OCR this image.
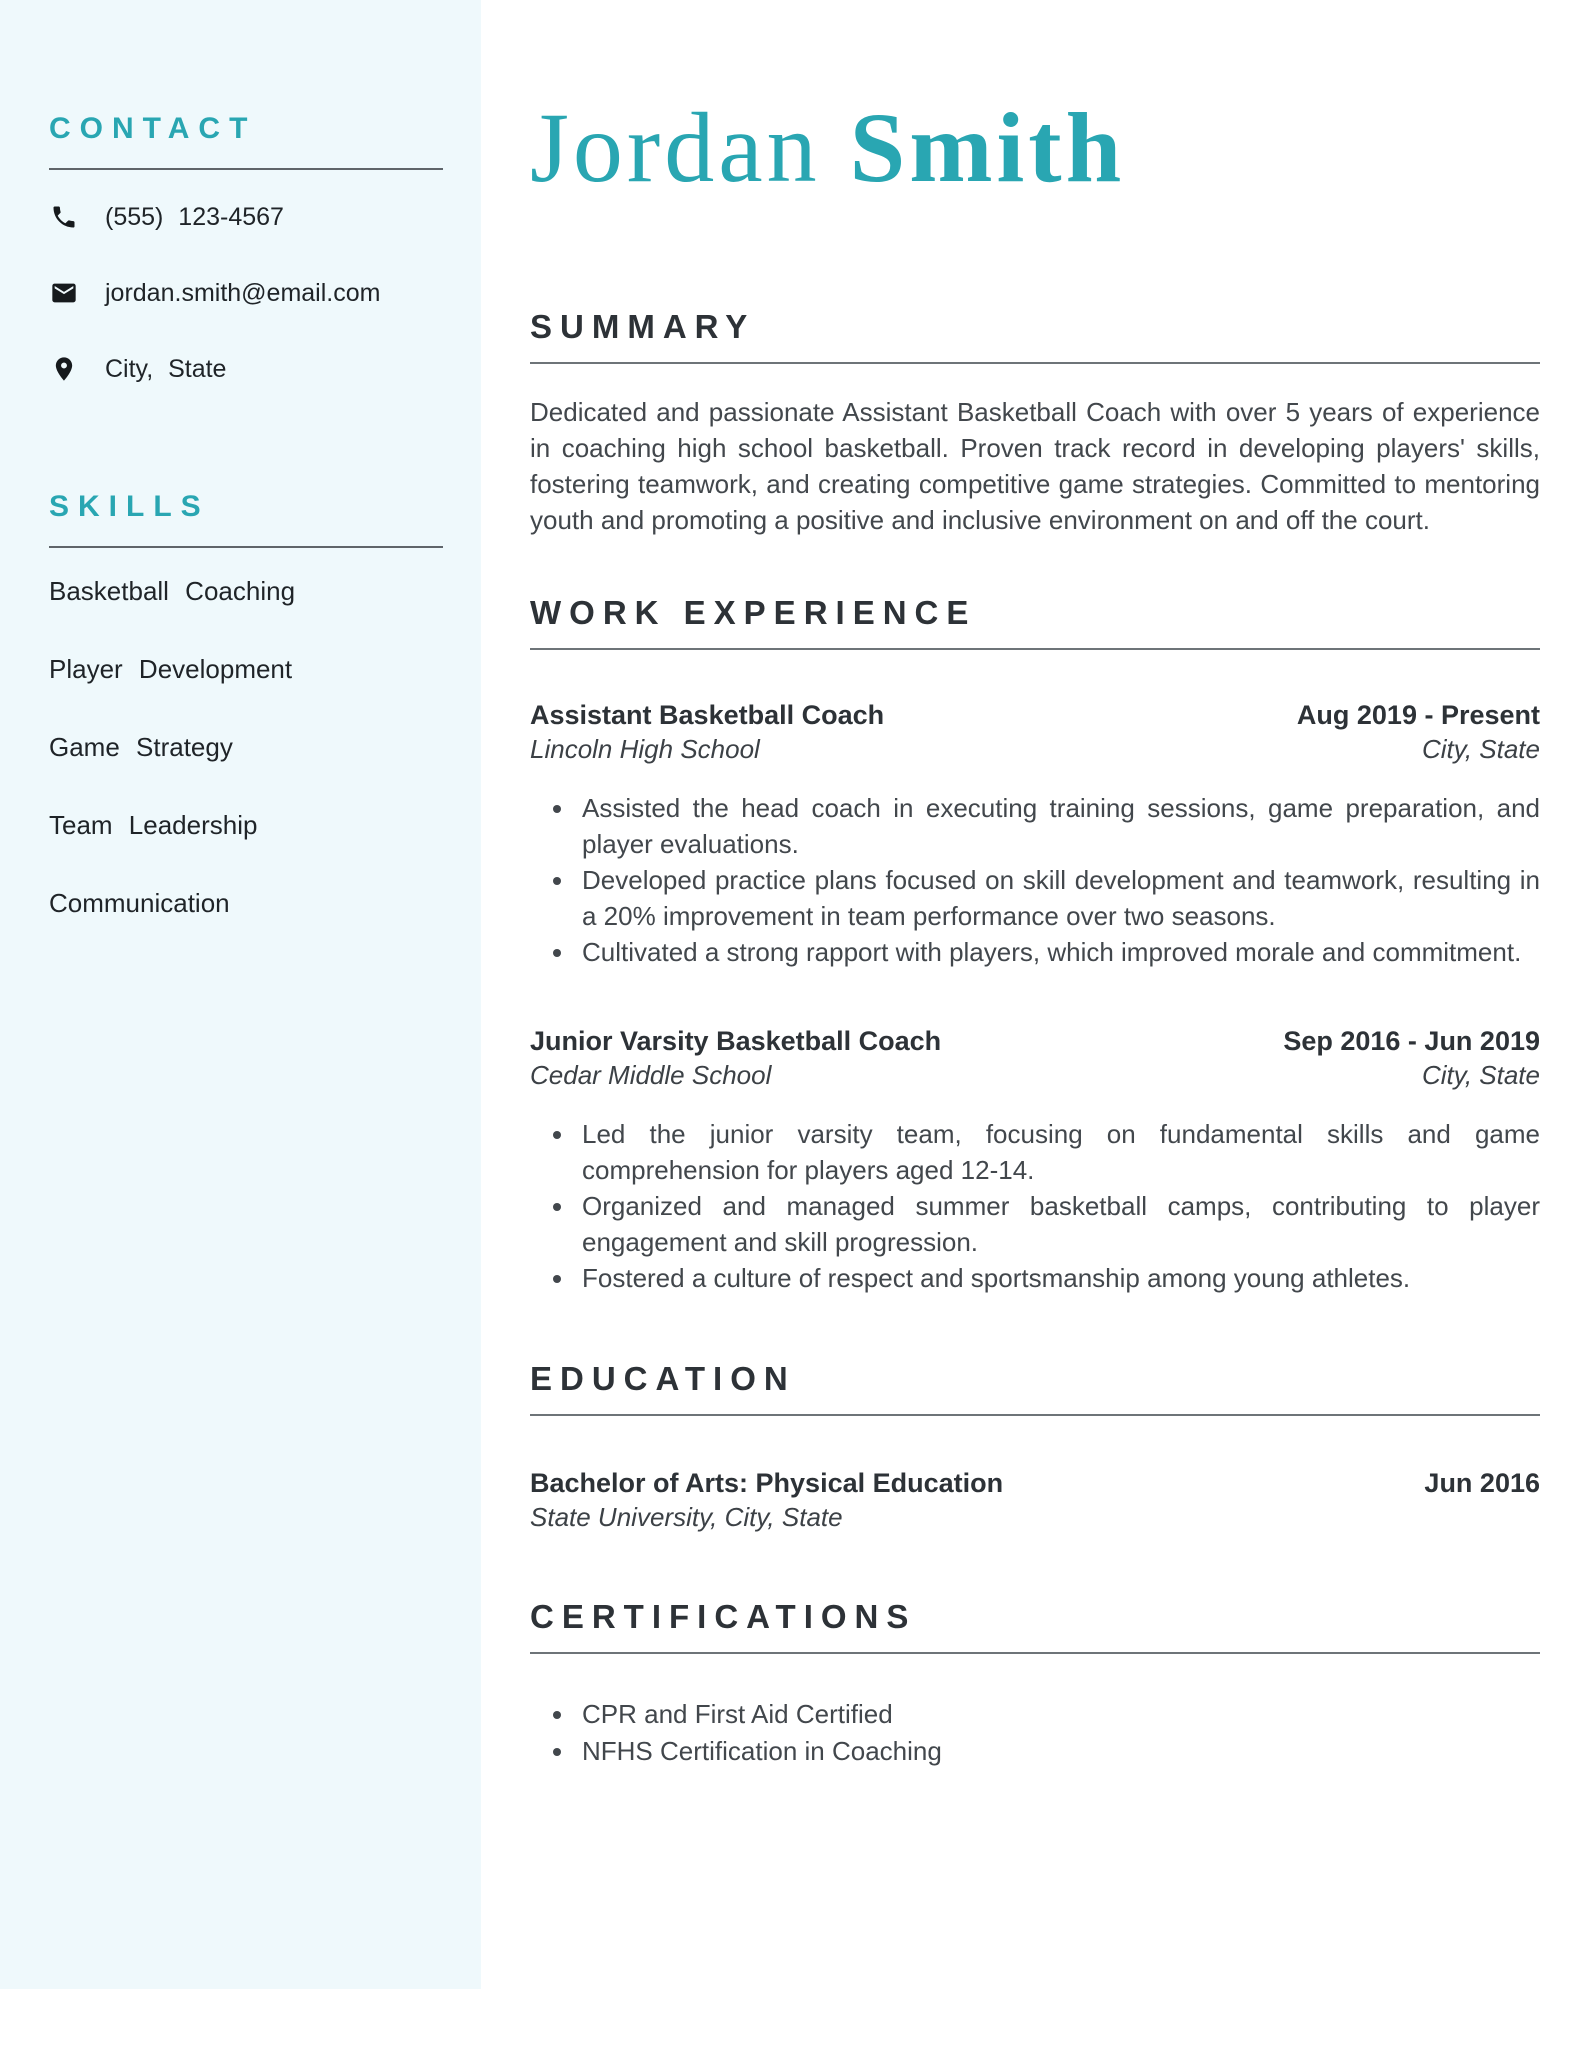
CONTACT
(555) 123-4567
jordan.smith@email.com
City, State
SKILLS
Basketball Coaching
Player Development
Game Strategy
Team Leadership
Communication
Jordan Smith
SUMMARY

Dedicated and passionate Assistant Basketball Coach with over 5 years of experience in coaching high school basketball. Proven track record in developing players' skills, fostering teamwork, and creating competitive game strategies. Committed to mentoring youth and promoting a positive and inclusive environment on and off the court.

WORK EXPERIENCE
Assistant Basketball Coach	Aug 2019 - Present
Lincoln High School	City, State
• Assisted the head coach in executing training sessions, game preparation, and player evaluations.
• Developed practice plans focused on skill development and teamwork, resulting in a 20% improvement in team performance over two seasons.
• Cultivated a strong rapport with players, which improved morale and commitment.
Junior Varsity Basketball Coach	Sep 2016 - Jun 2019
Cedar Middle School	City, State
• Led the junior varsity team, focusing on fundamental skills and game comprehension for players aged 12-14.
• Organized and managed summer basketball camps, contributing to player engagement and skill progression.
• Fostered a culture of respect and sportsmanship among young athletes.
EDUCATION
Bachelor of Arts: Physical Education	Jun 2016
State University, City, State
CERTIFICATIONS
• CPR and First Aid Certified
• NFHS Certification in Coaching
